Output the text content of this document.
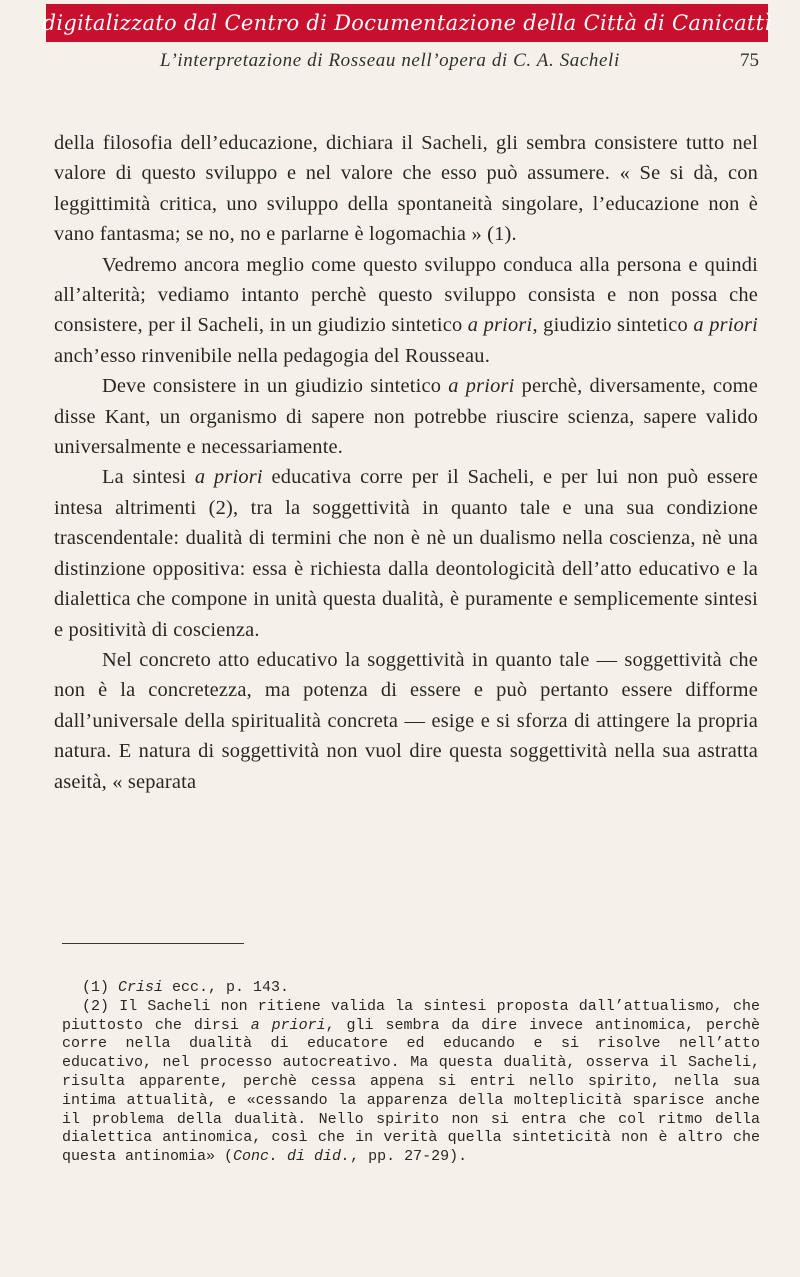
digitalizzato dal Centro di Documentazione della Città di Canicattì
L’interpretazione di Rosseau nell’opera di C. A. Sacheli	75

della filosofia dell’educazione, dichiara il Sacheli, gli sembra consistere tutto nel valore di questo sviluppo e nel valore che esso può assumere. « Se si dà, con leggittimità critica, uno sviluppo della spontaneità singolare, l’educazione non è vano fantasma; se no, no e parlarne è logomachia » (1).

Vedremo ancora meglio come questo sviluppo conduca alla persona e quindi all’alterità; vediamo intanto perchè questo sviluppo consista e non possa che consistere, per il Sacheli, in un giudizio sintetico a priori, giudizio sintetico a priori anch’esso rinvenibile nella pedagogia del Rousseau.

Deve consistere in un giudizio sintetico a priori perchè, diversamente, come disse Kant, un organismo di sapere non potrebbe riuscire scienza, sapere valido universalmente e necessariamente.

La sintesi a priori educativa corre per il Sacheli, e per lui non può essere intesa altrimenti (2), tra la soggettività in quanto tale e una sua condizione trascendentale: dualità di termini che non è nè un dualismo nella coscienza, nè una distinzione oppositiva: essa è richiesta dalla deontologicità dell’atto educativo e la dialettica che compone in unità questa dualità, è puramente e semplicemente sintesi e positività di coscienza.

Nel concreto atto educativo la soggettività in quanto tale — soggettività che non è la concretezza, ma potenza di essere e può pertanto essere difforme dall’universale della spiritualità concreta — esige e si sforza di attingere la propria natura. E natura di soggettività non vuol dire questa soggettività nella sua astratta aseità, « separata

(1) Crisi ecc., p. 143.

(2) Il Sacheli non ritiene valida la sintesi proposta dall’attualismo, che piuttosto che dirsi a priori, gli sembra da dire invece antinomica, perchè corre nella dualità di educatore ed educando e si risolve nell’atto educativo, nel processo autocreativo. Ma questa dualità, osserva il Sacheli, risulta apparente, perchè cessa appena si entri nello spirito, nella sua intima attualità, e «cessando la apparenza della molteplicità sparisce anche il problema della dualità. Nello spirito non si entra che col ritmo della dialettica antinomica, così che in verità quella sinteticità non è altro che questa antinomia» (Conc. di did., pp. 27-29).
